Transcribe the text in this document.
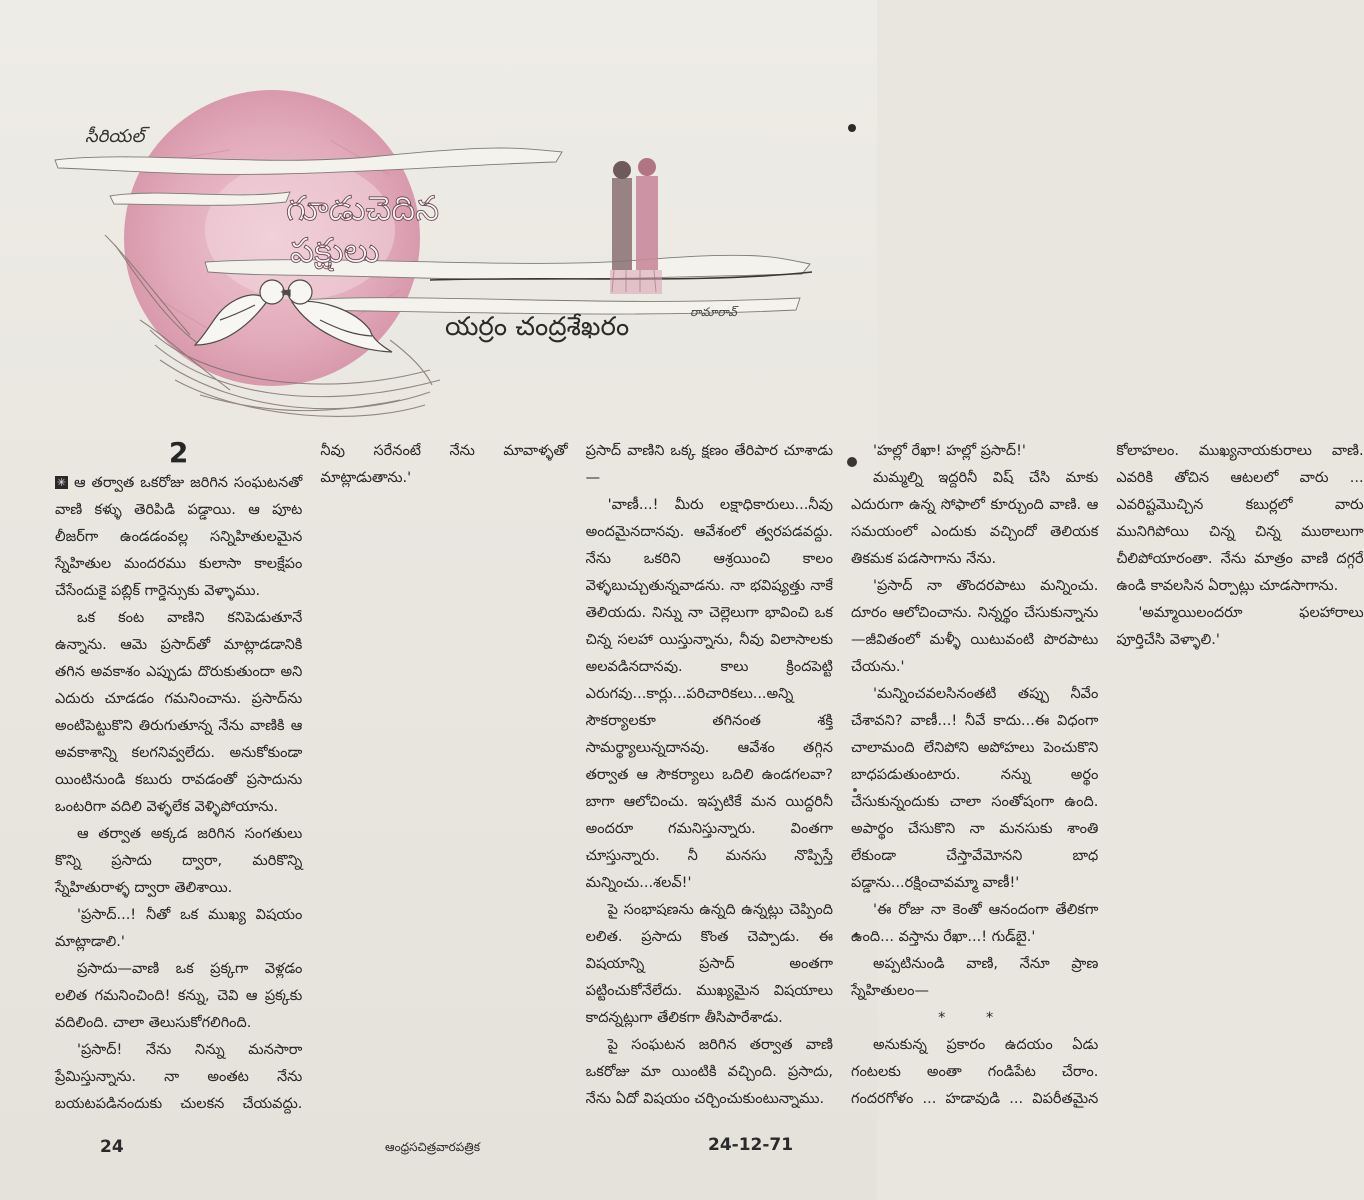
సీరియల్
గూడుచెదిన
పక్షులు
యర్రం చంద్రశేఖరం	రామారావ్
2

✳ ఆ తర్వాత ఒకరోజు జరిగిన సంఘటనతో వాణి కళ్ళు తెరిపిడి పడ్డాయి. ఆ పూట లీజర్‌గా ఉండడంవల్ల సన్నిహితులమైన స్నేహితుల మందరము కులాసా కాలక్షేపం చేసేందుకై పబ్లిక్ గార్డెన్సుకు వెళ్ళాము.

ఒక కంట వాణిని కనిపెడుతూనే ఉన్నాను. ఆమె ప్రసాద్‌తో మాట్లాడడానికి తగిన అవకాశం ఎప్పుడు దొరుకుతుందా అని ఎదురు చూడడం గమనించాను. ప్రసాద్‌ను అంటిపెట్టుకొని తిరుగుతూన్న నేను వాణికి ఆ అవకాశాన్ని కలగనివ్వలేదు. అనుకోకుండా యింటినుండి కబురు రావడంతో ప్రసాదును ఒంటరిగా వదిలి వెళ్ళలేక వెళ్ళిపోయాను.

ఆ తర్వాత అక్కడ జరిగిన సంగతులు కొన్ని ప్రసాదు ద్వారా, మరికొన్ని స్నేహితురాళ్ళ ద్వారా తెలిశాయి.

'ప్రసాద్...! నీతో ఒక ముఖ్య విషయం మాట్లాడాలి.'

ప్రసాదు—వాణి ఒక ప్రక్కగా వెళ్లడం లలిత గమనించింది! కన్ను, చెవి ఆ ప్రక్కకు వదిలింది. చాలా తెలుసుకోగలిగింది.

'ప్రసాద్! నేను నిన్ను మనసారా ప్రేమిస్తున్నాను. నా అంతట నేను బయటపడినందుకు చులకన చేయవద్దు. నీవు సరేనంటే నేను మావాళ్ళతో మాట్లాడుతాను.'

ప్రసాద్ వాణిని ఒక్క క్షణం తేరిపార చూశాడు—

'వాణీ...! మీరు లక్షాధికారులు...నీవు అందమైనదానవు. ఆవేశంలో త్వరపడవద్దు. నేను ఒకరిని ఆశ్రయించి కాలం వెళ్ళబుచ్చుతున్నవాడను. నా భవిష్యత్తు నాకే తెలియదు. నిన్ను నా చెల్లెలుగా భావించి ఒక చిన్న సలహా యిస్తున్నాను, నీవు విలాసాలకు అలవడినదానవు. కాలు క్రిందపెట్టి ఎరుగవు...కార్లు...పరిచారికలు...అన్ని సౌకర్యాలకూ తగినంత శక్తి సామర్థ్యాలున్నదానవు. ఆవేశం తగ్గిన తర్వాత ఆ సౌకర్యాలు ఒదిలి ఉండగలవా? బాగా ఆలోచించు. ఇప్పటికే మన యిద్దరినీ అందరూ గమనిస్తున్నారు. వింతగా చూస్తున్నారు. నీ మనసు నొప్పిస్తే మన్నించు...శలవ్!'

పై సంభాషణను ఉన్నది ఉన్నట్లు చెప్పింది లలిత. ప్రసాదు కొంత చెప్పాడు. ఈ విషయాన్ని ప్రసాద్ అంతగా పట్టించుకోనేలేదు. ముఖ్యమైన విషయాలు కాదన్నట్లుగా తేలికగా తీసిపారేశాడు.

పై సంఘటన జరిగిన తర్వాత వాణి ఒకరోజు మా యింటికి వచ్చింది. ప్రసాదు, నేను ఏదో విషయం చర్చించుకుంటున్నాము.

'హల్లో రేఖా! హల్లో ప్రసాద్!'

మమ్మల్ని ఇద్దరినీ విష్ చేసి మాకు ఎదురుగా ఉన్న సోఫాలో కూర్చుంది వాణి. ఆ సమయంలో ఎందుకు వచ్చిందో తెలియక తికమక పడసాగాను నేను.

'ప్రసాద్ నా తొందరపాటు మన్నించు. దూరం ఆలోచించాను. నిన్నర్థం చేసుకున్నాను—జీవితంలో మళ్ళీ యిటువంటి పొరపాటు చేయను.'

'మన్నించవలసినంతటి తప్పు నీవేం చేశావని? వాణీ...! నీవే కాదు...ఈ విధంగా చాలామంది లేనిపోని అపోహలు పెంచుకొని బాధపడుతుంటారు. నన్ను అర్థం చేసుకున్నందుకు చాలా సంతోషంగా ఉంది. అపార్థం చేసుకొని నా మనసుకు శాంతి లేకుండా చేస్తావేమోనని బాధ పడ్డాను...రక్షించావమ్మా వాణీ!'

'ఈ రోజు నా కెంతో ఆనందంగా తేలికగా ఉంది... వస్తాను రేఖా...! గుడ్‌బై.'

అప్పటినుండి వాణి, నేనూ ప్రాణ స్నేహితులం—

* *

అనుకున్న ప్రకారం ఉదయం ఏడు గంటలకు అంతా గండిపేట చేరాం. గందరగోళం ... హడావుడి ... విపరీతమైన కోలాహలం. ముఖ్యనాయకురాలు వాణి. ఎవరికి తోచిన ఆటలలో వారు ... ఎవరిష్టమొచ్చిన కబుర్లలో వారు మునిగిపోయి చిన్న చిన్న ముఠాలుగా చీలిపోయారంతా. నేను మాత్రం వాణి దగ్గరే ఉండి కావలసిన ఏర్పాట్లు చూడసాగాను.

'అమ్మాయిలందరూ ఫలహారాలు పూర్తిచేసి వెళ్ళాలి.'

24	ఆంధ్రసచిత్రవారపత్రిక	24-12-71
